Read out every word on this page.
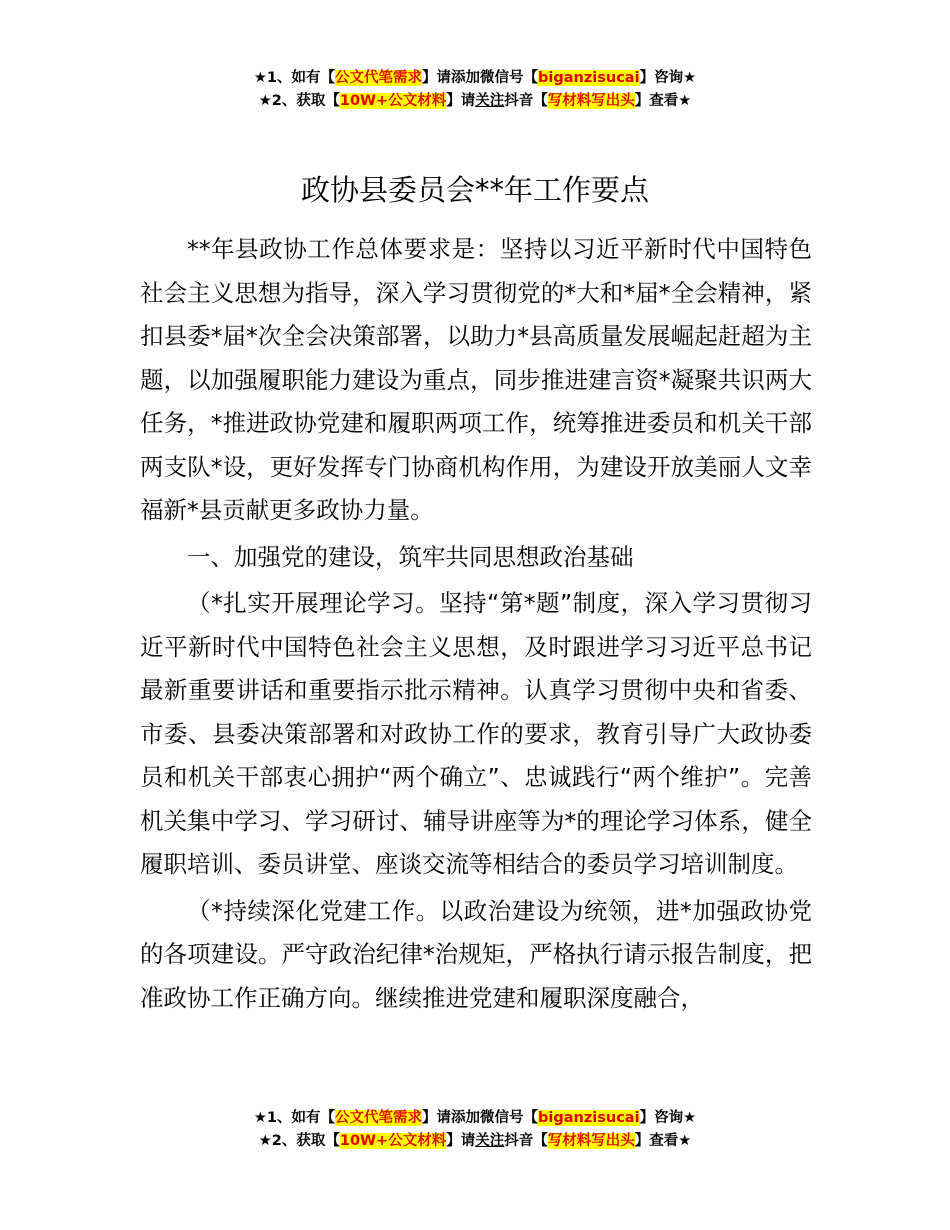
★1、如有【公文代笔需求】请添加微信号【biganzisucai】咨询★
★2、获取【10W+公文材料】请关注抖音【写材料写出头】查看★
政协县委员会**年工作要点

**年县政协工作总体要求是：坚持以习近平新时代中国特色社会主义思想为指导，深入学习贯彻党的*大和*届*全会精神，紧扣县委*届*次全会决策部署，以助力*县高质量发展崛起赶超为主题，以加强履职能力建设为重点，同步推进建言资*凝聚共识两大任务，*推进政协党建和履职两项工作，统筹推进委员和机关干部两支队*设，更好发挥专门协商机构作用，为建设开放美丽人文幸福新*县贡献更多政协力量。

一、加强党的建设，筑牢共同思想政治基础

（*扎实开展理论学习。坚持“第*题”制度，深入学习贯彻习近平新时代中国特色社会主义思想，及时跟进学习习近平总书记最新重要讲话和重要指示批示精神。认真学习贯彻中央和省委、市委、县委决策部署和对政协工作的要求，教育引导广大政协委员和机关干部衷心拥护“两个确立”、忠诚践行“两个维护”。完善机关集中学习、学习研讨、辅导讲座等为*的理论学习体系，健全履职培训、委员讲堂、座谈交流等相结合的委员学习培训制度。

（*持续深化党建工作。以政治建设为统领，进*加强政协党的各项建设。严守政治纪律*治规矩，严格执行请示报告制度，把准政协工作正确方向。继续推进党建和履职深度融合，

★1、如有【公文代笔需求】请添加微信号【biganzisucai】咨询★
★2、获取【10W+公文材料】请关注抖音【写材料写出头】查看★
